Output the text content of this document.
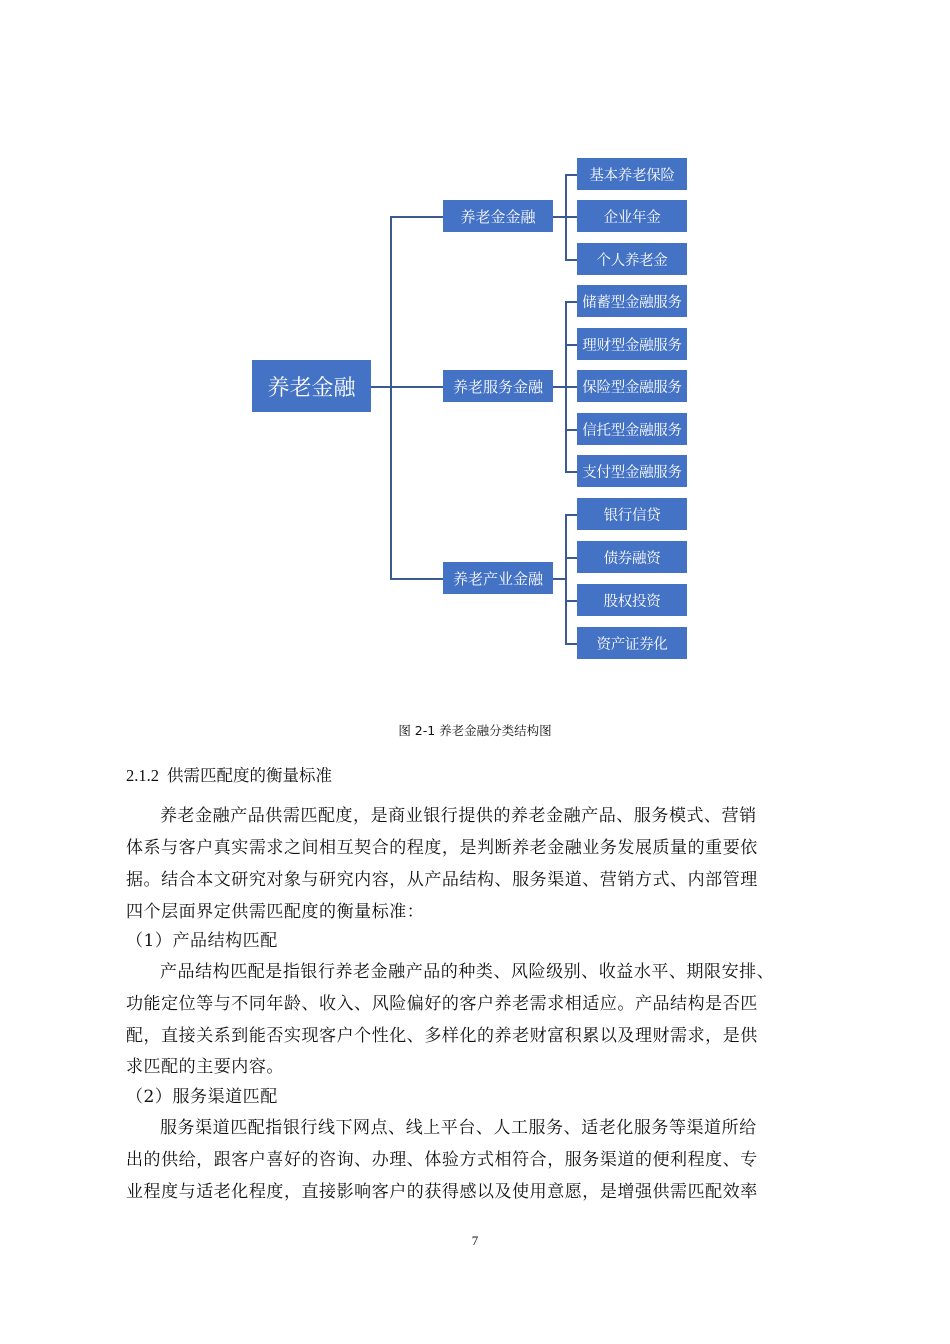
养老金融
养老金金融
养老服务金融
养老产业金融
基本养老保险
企业年金
个人养老金
储蓄型金融服务
理财型金融服务
保险型金融服务
信托型金融服务
支付型金融服务
银行信贷
债券融资
股权投资
资产证券化
图 2-1 养老金融分类结构图
2.1.2 供需匹配度的衡量标准
养老金融产品供需匹配度，是商业银行提供的养老金融产品、服务模式、营销
体系与客户真实需求之间相互契合的程度，是判断养老金融业务发展质量的重要依
据。结合本文研究对象与研究内容，从产品结构、服务渠道、营销方式、内部管理
四个层面界定供需匹配度的衡量标准：
（1）产品结构匹配
产品结构匹配是指银行养老金融产品的种类、风险级别、收益水平、期限安排、
功能定位等与不同年龄、收入、风险偏好的客户养老需求相适应。产品结构是否匹
配，直接关系到能否实现客户个性化、多样化的养老财富积累以及理财需求，是供
求匹配的主要内容。
（2）服务渠道匹配
服务渠道匹配指银行线下网点、线上平台、人工服务、适老化服务等渠道所给
出的供给，跟客户喜好的咨询、办理、体验方式相符合，服务渠道的便利程度、专
业程度与适老化程度，直接影响客户的获得感以及使用意愿，是增强供需匹配效率
7
